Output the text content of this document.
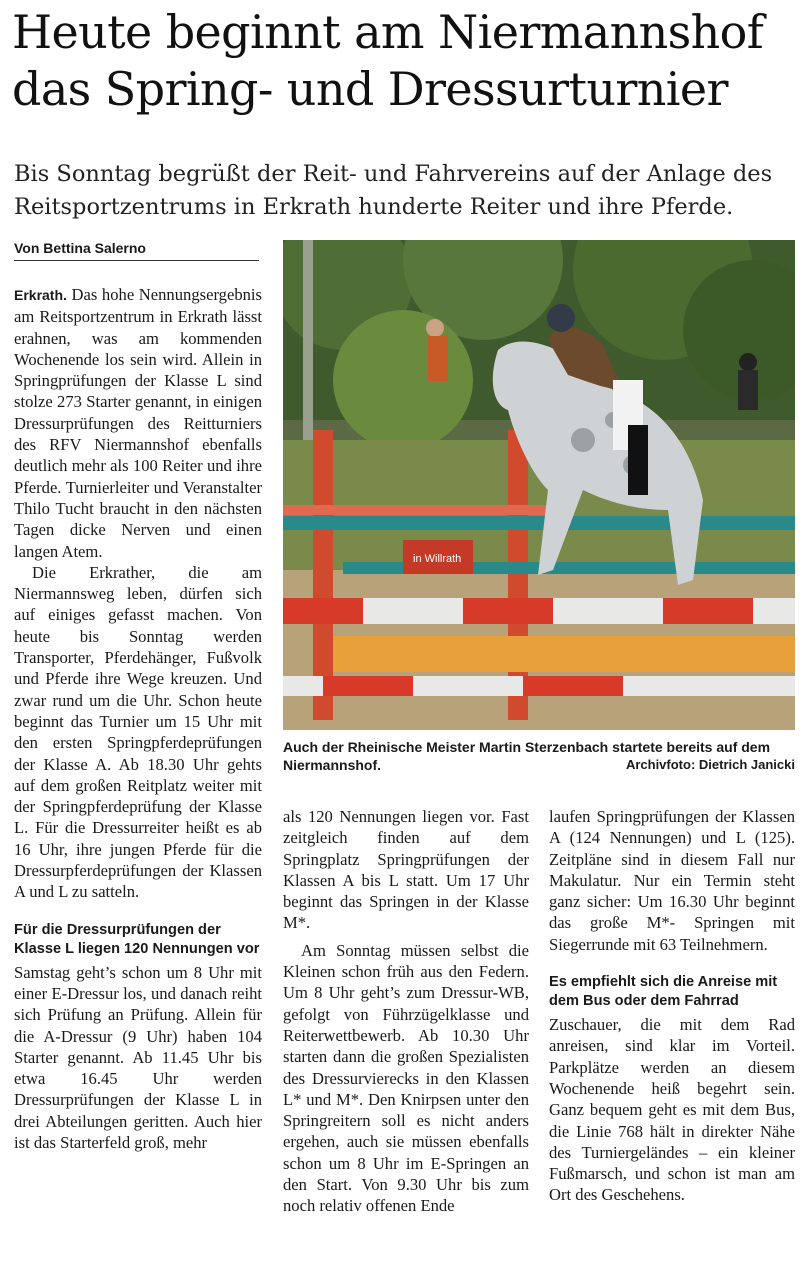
Heute beginnt am Niermannshof
das Spring- und Dressurturnier

Bis Sonntag begrüßt der Reit- und Fahrvereins auf der Anlage des Reitsportzentrums in Erkrath hunderte Reiter und ihre Pferde.

Von Bettina Salerno

Erkrath. Das hohe Nennungsergebnis am Reitsportzentrum in Erkrath lässt erahnen, was am kommenden Wochenende los sein wird. Allein in Springprüfungen der Klasse L sind stolze 273 Starter genannt, in einigen Dressurprüfungen des Reitturniers des RFV Niermannshof ebenfalls deutlich mehr als 100 Reiter und ihre Pferde. Turnierleiter und Veranstalter Thilo Tucht braucht in den nächsten Tagen dicke Nerven und einen langen Atem.

Die Erkrather, die am Niermannsweg leben, dürfen sich auf einiges gefasst machen. Von heute bis Sonntag werden Transporter, Pferdehänger, Fußvolk und Pferde ihre Wege kreuzen. Und zwar rund um die Uhr. Schon heute beginnt das Turnier um 15 Uhr mit den ersten Springpferdeprüfungen der Klasse A. Ab 18.30 Uhr gehts auf dem großen Reitplatz weiter mit der Springpferdeprüfung der Klasse L. Für die Dressurreiter heißt es ab 16 Uhr, ihre jungen Pferde für die Dressurpferdeprüfungen der Klassen A und L zu satteln.

Für die Dressurprüfungen der Klasse L liegen 120 Nennungen vor

Samstag geht’s schon um 8 Uhr mit einer E-Dressur los, und danach reiht sich Prüfung an Prüfung. Allein für die A-Dressur (9 Uhr) haben 104 Starter genannt. Ab 11.45 Uhr bis etwa 16.45 Uhr werden Dressurprüfungen der Klasse L in drei Abteilungen geritten. Auch hier ist das Starterfeld groß, mehr

in Willrath
Auch der Rheinische Meister Martin Sterzenbach startete bereits auf dem Niermannshof.	Archivfoto: Dietrich Janicki

als 120 Nennungen liegen vor. Fast zeitgleich finden auf dem Springplatz Springprüfungen der Klassen A bis L statt. Um 17 Uhr beginnt das Springen in der Klasse M*.

Am Sonntag müssen selbst die Kleinen schon früh aus den Federn. Um 8 Uhr geht’s zum Dressur-WB, gefolgt von Führzügelklasse und Reiterwettbewerb. Ab 10.30 Uhr starten dann die großen Spezialisten des Dressurvierecks in den Klassen L* und M*. Den Knirpsen unter den Springreitern soll es nicht anders ergehen, auch sie müssen ebenfalls schon um 8 Uhr im E-Springen an den Start. Von 9.30 Uhr bis zum noch relativ offenen Ende

laufen Springprüfungen der Klassen A (124 Nennungen) und L (125). Zeitpläne sind in diesem Fall nur Makulatur. Nur ein Termin steht ganz sicher: Um 16.30 Uhr beginnt das große M*- Springen mit Siegerrunde mit 63 Teilnehmern.

Es empfiehlt sich die Anreise mit dem Bus oder dem Fahrrad

Zuschauer, die mit dem Rad anreisen, sind klar im Vorteil. Parkplätze werden an diesem Wochenende heiß begehrt sein. Ganz bequem geht es mit dem Bus, die Linie 768 hält in direkter Nähe des Turniergeländes – ein kleiner Fußmarsch, und schon ist man am Ort des Geschehens.
